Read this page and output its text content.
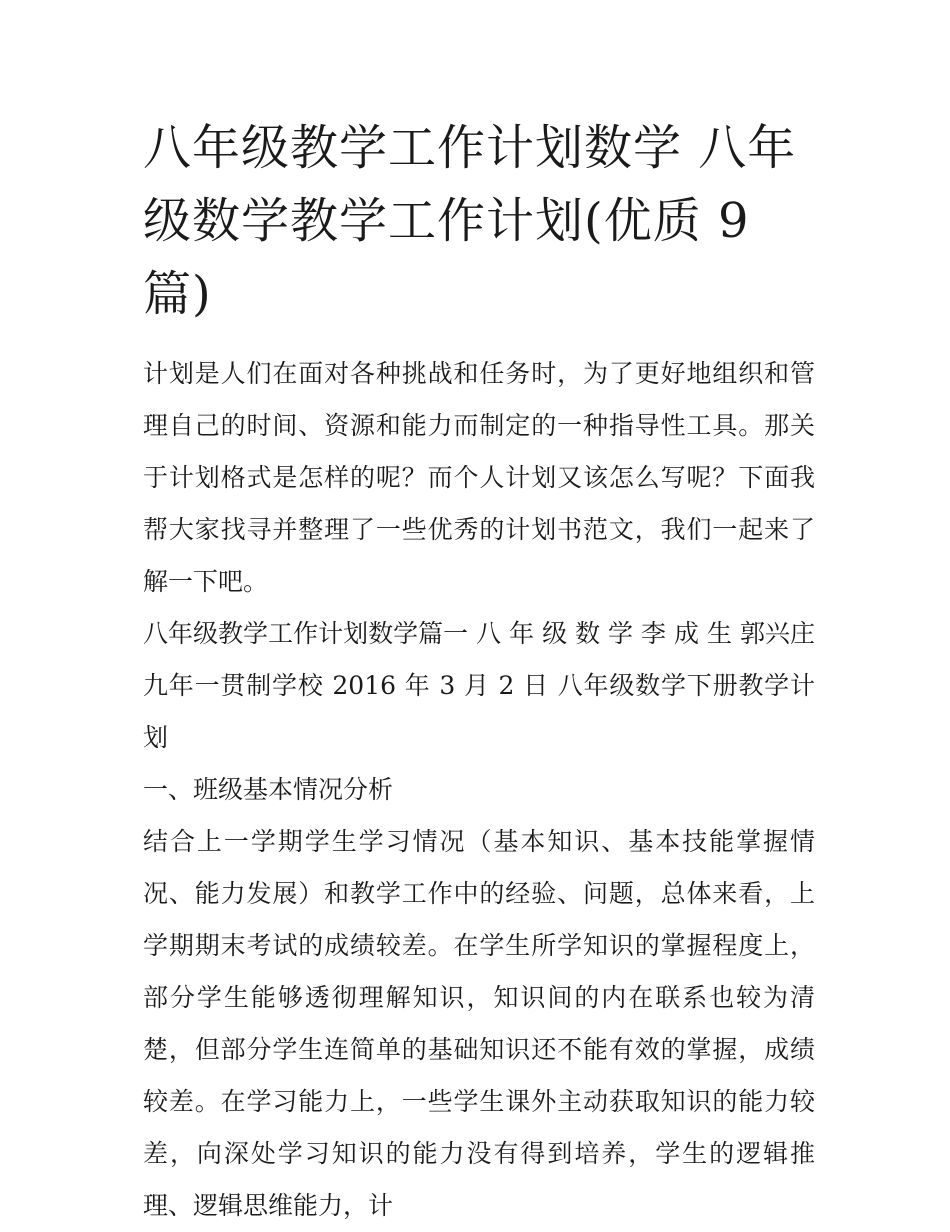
八年级教学工作计划数学 八年级数学教学工作计划(优质 9 篇)

计划是人们在面对各种挑战和任务时，为了更好地组织和管理自己的时间、资源和能力而制定的一种指导性工具。那关于计划格式是怎样的呢？而个人计划又该怎么写呢？下面我帮大家找寻并整理了一些优秀的计划书范文，我们一起来了解一下吧。

八年级教学工作计划数学篇一 八 年 级 数 学 李 成 生 郭兴庄九年一贯制学校 2016 年 3 月 2 日 八年级数学下册教学计划

一、班级基本情况分析

结合上一学期学生学习情况（基本知识、基本技能掌握情况、能力发展）和教学工作中的经验、问题，总体来看，上学期期末考试的成绩较差。在学生所学知识的掌握程度上，部分学生能够透彻理解知识，知识间的内在联系也较为清楚，但部分学生连简单的基础知识还不能有效的掌握，成绩较差。在学习能力上，一些学生课外主动获取知识的能力较差，向深处学习知识的能力没有得到培养，学生的逻辑推理、逻辑思维能力，计
